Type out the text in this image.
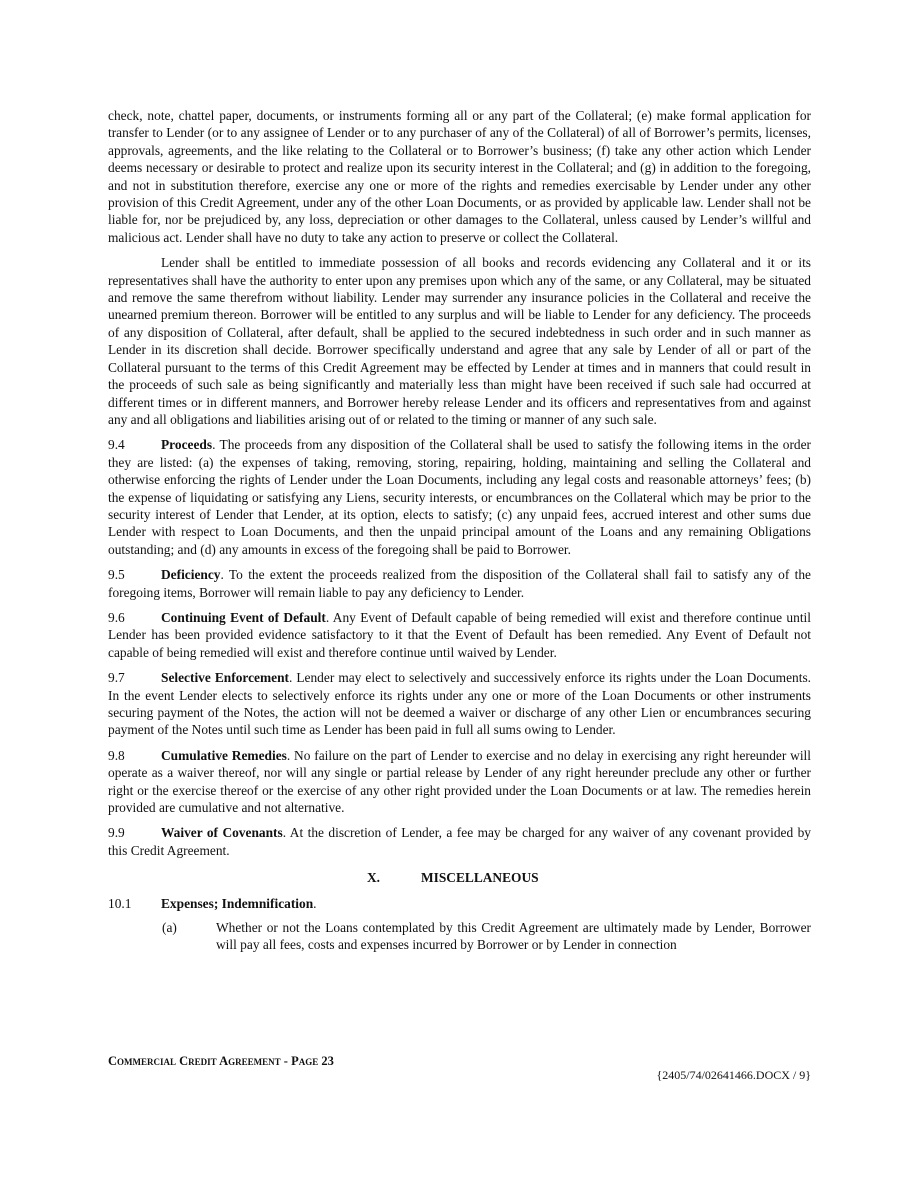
check, note, chattel paper, documents, or instruments forming all or any part of the Collateral; (e) make formal application for transfer to Lender (or to any assignee of Lender or to any purchaser of any of the Collateral) of all of Borrower’s permits, licenses, approvals, agreements, and the like relating to the Collateral or to Borrower’s business; (f) take any other action which Lender deems necessary or desirable to protect and realize upon its security interest in the Collateral; and (g) in addition to the foregoing, and not in substitution therefore, exercise any one or more of the rights and remedies exercisable by Lender under any other provision of this Credit Agreement, under any of the other Loan Documents, or as provided by applicable law. Lender shall not be liable for, nor be prejudiced by, any loss, depreciation or other damages to the Collateral, unless caused by Lender’s willful and malicious act. Lender shall have no duty to take any action to preserve or collect the Collateral.

Lender shall be entitled to immediate possession of all books and records evidencing any Collateral and it or its representatives shall have the authority to enter upon any premises upon which any of the same, or any Collateral, may be situated and remove the same therefrom without liability. Lender may surrender any insurance policies in the Collateral and receive the unearned premium thereon. Borrower will be entitled to any surplus and will be liable to Lender for any deficiency. The proceeds of any disposition of Collateral, after default, shall be applied to the secured indebtedness in such order and in such manner as Lender in its discretion shall decide. Borrower specifically understand and agree that any sale by Lender of all or part of the Collateral pursuant to the terms of this Credit Agreement may be effected by Lender at times and in manners that could result in the proceeds of such sale as being significantly and materially less than might have been received if such sale had occurred at different times or in different manners, and Borrower hereby release Lender and its officers and representatives from and against any and all obligations and liabilities arising out of or related to the timing or manner of any such sale.

9.4	Proceeds. The proceeds from any disposition of the Collateral shall be used to satisfy the following items in the order they are listed: (a) the expenses of taking, removing, storing, repairing, holding, maintaining and selling the Collateral and otherwise enforcing the rights of Lender under the Loan Documents, including any legal costs and reasonable attorneys’ fees; (b) the expense of liquidating or satisfying any Liens, security interests, or encumbrances on the Collateral which may be prior to the security interest of Lender that Lender, at its option, elects to satisfy; (c) any unpaid fees, accrued interest and other sums due Lender with respect to Loan Documents, and then the unpaid principal amount of the Loans and any remaining Obligations outstanding; and (d) any amounts in excess of the foregoing shall be paid to Borrower.

9.5	Deficiency. To the extent the proceeds realized from the disposition of the Collateral shall fail to satisfy any of the foregoing items, Borrower will remain liable to pay any deficiency to Lender.

9.6	Continuing Event of Default. Any Event of Default capable of being remedied will exist and therefore continue until Lender has been provided evidence satisfactory to it that the Event of Default has been remedied. Any Event of Default not capable of being remedied will exist and therefore continue until waived by Lender.

9.7	Selective Enforcement. Lender may elect to selectively and successively enforce its rights under the Loan Documents. In the event Lender elects to selectively enforce its rights under any one or more of the Loan Documents or other instruments securing payment of the Notes, the action will not be deemed a waiver or discharge of any other Lien or encumbrances securing payment of the Notes until such time as Lender has been paid in full all sums owing to Lender.

9.8	Cumulative Remedies. No failure on the part of Lender to exercise and no delay in exercising any right hereunder will operate as a waiver thereof, nor will any single or partial release by Lender of any right hereunder preclude any other or further right or the exercise thereof or the exercise of any other right provided under the Loan Documents or at law. The remedies herein provided are cumulative and not alternative.

9.9	Waiver of Covenants. At the discretion of Lender, a fee may be charged for any waiver of any covenant provided by this Credit Agreement.

X.	MISCELLANEOUS

10.1 Expenses; Indemnification.

(a)	Whether or not the Loans contemplated by this Credit Agreement are ultimately made by Lender, Borrower will pay all fees, costs and expenses incurred by Borrower or by Lender in connection

Commercial Credit Agreement - Page 23
{2405/74/02641466.DOCX / 9}
